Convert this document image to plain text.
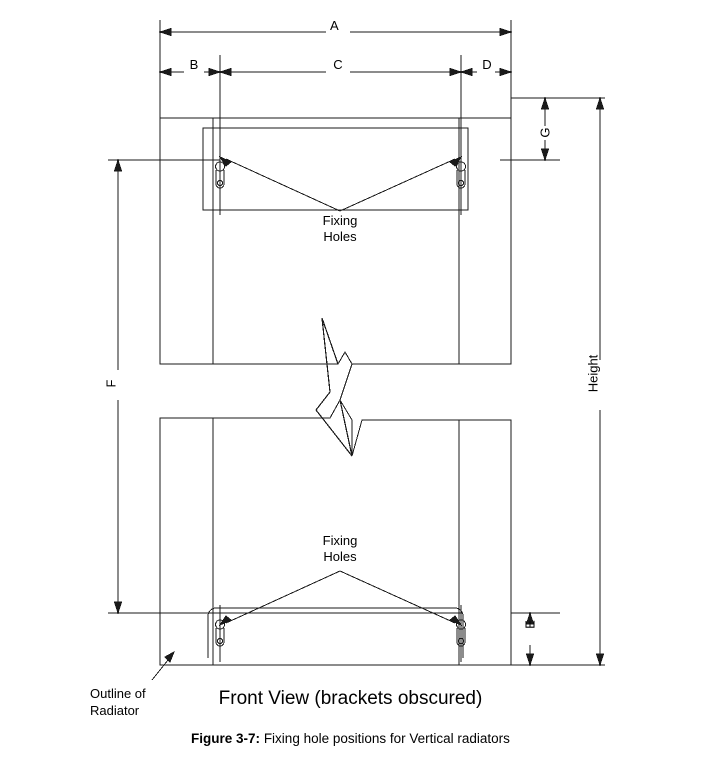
A
B	C	D
G
E
Height
F
Fixing
Holes
Fixing
Holes
Outline of
Radiator
Front View (brackets obscured)
Figure 3-7: Fixing hole positions for Vertical radiators
